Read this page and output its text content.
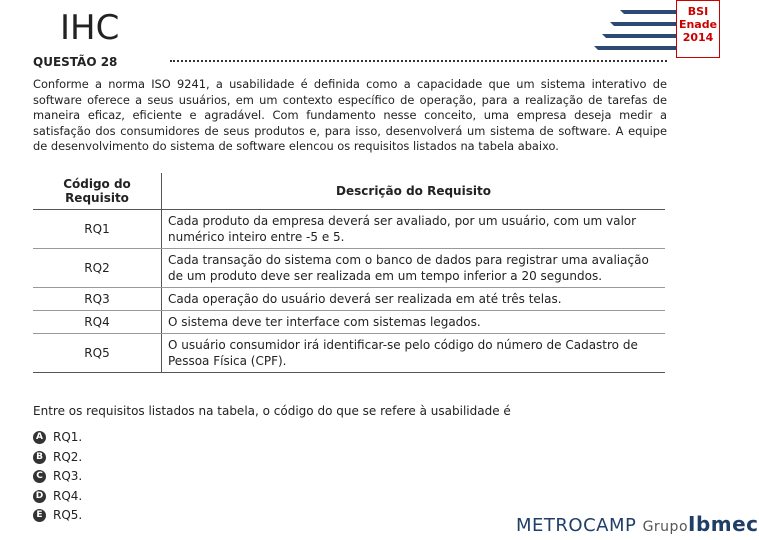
IHC	BSI
Enade
2014
QUESTÃO 28
Conforme a norma ISO 9241, a usabilidade é definida como a capacidade que um sistema interativo de software oferece a seus usuários, em um contexto específico de operação, para a realização de tarefas de maneira eficaz, eficiente e agradável. Com fundamento nesse conceito, uma empresa deseja medir a satisfação dos consumidores de seus produtos e, para isso, desenvolverá um sistema de software. A equipe de desenvolvimento do sistema de software elencou os requisitos listados na tabela abaixo.
Código do Requisito	Descrição do Requisito
RQ1	Cada produto da empresa deverá ser avaliado, por um usuário, com um valor numérico inteiro entre -5 e 5.
RQ2	Cada transação do sistema com o banco de dados para registrar uma avaliação de um produto deve ser realizada em um tempo inferior a 20 segundos.
RQ3	Cada operação do usuário deverá ser realizada em até três telas.
RQ4	O sistema deve ter interface com sistemas legados.
RQ5	O usuário consumidor irá identificar-se pelo código do número de Cadastro de Pessoa Física (CPF).
Entre os requisitos listados na tabela, o código do que se refere à usabilidade é
A RQ1.
B RQ2.
C RQ3.
D RQ4.
E RQ5.	METROCAMP GrupoIbmec
